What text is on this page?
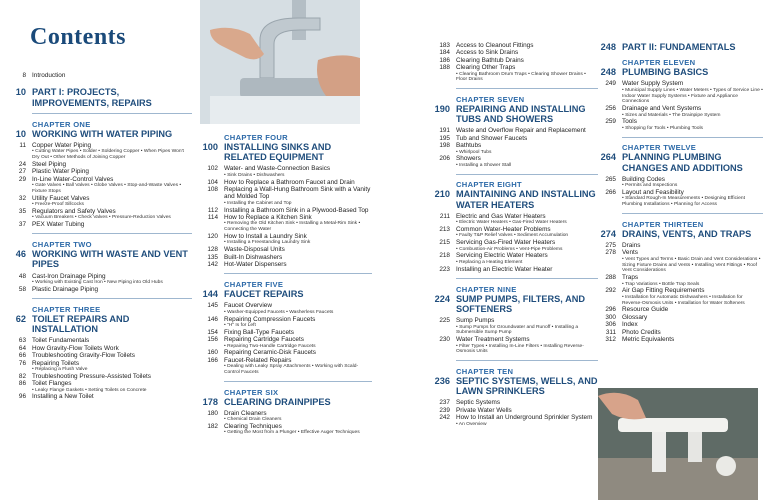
Contents
8 Introduction
10 PART I: PROJECTS, IMPROVEMENTS, REPAIRS
CHAPTER ONE
10 WORKING WITH WATER PIPING
11 Copper Water Piping
• Cutting Water Pipes • Solder • Soldering Copper • When Pipes Won't Dry Out • Other Methods of Joining Copper
24 Steel Piping
27 Plastic Water Piping
29 In-Line Water-Control Valves
• Gate Valves • Ball Valves • Globe Valves • Stop-and-Waste Valves • Fixture Stops
32 Utility Faucet Valves
• Freeze-Proof Sillcocks
35 Regulators and Safety Valves
• Vacuum Breakers • Check Valves • Pressure-Reduction Valves
37 PEX Water Tubing
CHAPTER TWO
46 WORKING WITH WASTE AND VENT PIPES
48 Cast-Iron Drainage Piping
• Working with Existing Cast Iron • New Piping into Old Hubs
58 Plastic Drainage Piping
CHAPTER THREE
62 TOILET REPAIRS AND INSTALLATION
63 Toilet Fundamentals
64 How Gravity-Flow Toilets Work
66 Troubleshooting Gravity-Flow Toilets
76 Repairing Toilets
• Replacing a Flush Valve
82 Troubleshooting Pressure-Assisted Toilets
86 Toilet Flanges
• Leaky Flange Gaskets • Setting Toilets on Concrete
96 Installing a New Toilet
CHAPTER FOUR
100 INSTALLING SINKS AND RELATED EQUIPMENT
102 Water- and Waste-Connection Basics
• Sink Drains • Dishwashers
104 How to Replace a Bathroom Faucet and Drain
108 Replacing a Wall-Hung Bathroom Sink with a Vanity and Molded Top
• Installing the Cabinet and Top
112 Installing a Bathroom Sink in a Plywood-Based Top
114 How to Replace a Kitchen Sink
• Removing the Old Kitchen Sink • Installing a Metal-Rim Sink • Connecting the Water
120 How to Install a Laundry Sink
• Installing a Freestanding Laundry Sink
128 Waste-Disposal Units
135 Built-In Dishwashers
142 Hot-Water Dispensers
CHAPTER FIVE
144 FAUCET REPAIRS
145 Faucet Overview
• Washer-Equipped Faucets • Washerless Faucets
146 Repairing Compression Faucets
• "H" Is for Left
154 Fixing Ball-Type Faucets
156 Repairing Cartridge Faucets
• Repairing Two-Handle Cartridge Faucets
160 Repairing Ceramic-Disk Faucets
166 Faucet-Related Repairs
• Dealing with Leaky Spray Attachments • Working with Scald-Control Faucets
CHAPTER SIX
178 CLEARING DRAINPIPES
180 Drain Cleaners
• Chemical Drain Cleaners
182 Clearing Techniques
• Getting the Most from a Plunger • Effective Auger Techniques
183 Access to Cleanout Fittings
184 Access to Sink Drains
186 Clearing Bathtub Drains
188 Clearing Other Traps
• Clearing Bathroom Drum Traps • Clearing Shower Drains • Floor Drains
CHAPTER SEVEN
190 REPAIRING AND INSTALLING TUBS AND SHOWERS
191 Waste and Overflow Repair and Replacement
195 Tub and Shower Faucets
198 Bathtubs
• Whirlpool Tubs
206 Showers
• Installing a Shower Stall
CHAPTER EIGHT
210 MAINTAINING AND INSTALLING WATER HEATERS
211 Electric and Gas Water Heaters
• Electric Water Heaters • Gas-Fired Water Heaters
213 Common Water-Heater Problems
• Faulty T&P Relief Valves • Sediment Accumulation
215 Servicing Gas-Fired Water Heaters
• Combustion-Air Problems • Vent-Pipe Problems
218 Servicing Electric Water Heaters
• Replacing a Heating Element
223 Installing an Electric Water Heater
CHAPTER NINE
224 SUMP PUMPS, FILTERS, AND SOFTENERS
225 Sump Pumps
• Sump Pumps for Groundwater and Runoff • Installing a Submersible Sump Pump
230 Water Treatment Systems
• Filter Types • Installing In-Line Filters • Installing Reverse-Osmosis Units
CHAPTER TEN
236 SEPTIC SYSTEMS, WELLS, AND LAWN SPRINKLERS
237 Septic Systems
239 Private Water Wells
242 How to Install an Underground Sprinkler System
• An Overview
248 PART II: FUNDAMENTALS
CHAPTER ELEVEN
248 PLUMBING BASICS
249 Water Supply System
• Municipal Supply Lines • Water Meters • Types of Service Line • Indoor Water Supply Systems • Fixture and Appliance Connections
256 Drainage and Vent Systems
• Sizes and Materials • The Drainpipe System
259 Tools
• Shopping for Tools • Plumbing Tools
CHAPTER TWELVE
264 PLANNING PLUMBING CHANGES AND ADDITIONS
265 Building Codes
• Permits and Inspections
266 Layout and Feasibility
• Standard Rough-In Measurements • Designing Efficient Plumbing Installations • Planning for Access
CHAPTER THIRTEEN
274 DRAINS, VENTS, AND TRAPS
275 Drains
278 Vents
• Vent Types and Terms • Basic Drain and Vent Considerations • Sizing Fixture Drains and Vents • Installing Vent Fittings • Roof Vent Considerations
288 Traps
• Trap Variations • Bottle Trap Seals
292 Air Gap Fitting Requirements
• Installation for Automatic Dishwashers • Installation for Reverse-Osmosis Units • Installation for Water Softeners
296 Resource Guide
300 Glossary
306 Index
311 Photo Credits
312 Metric Equivalents
